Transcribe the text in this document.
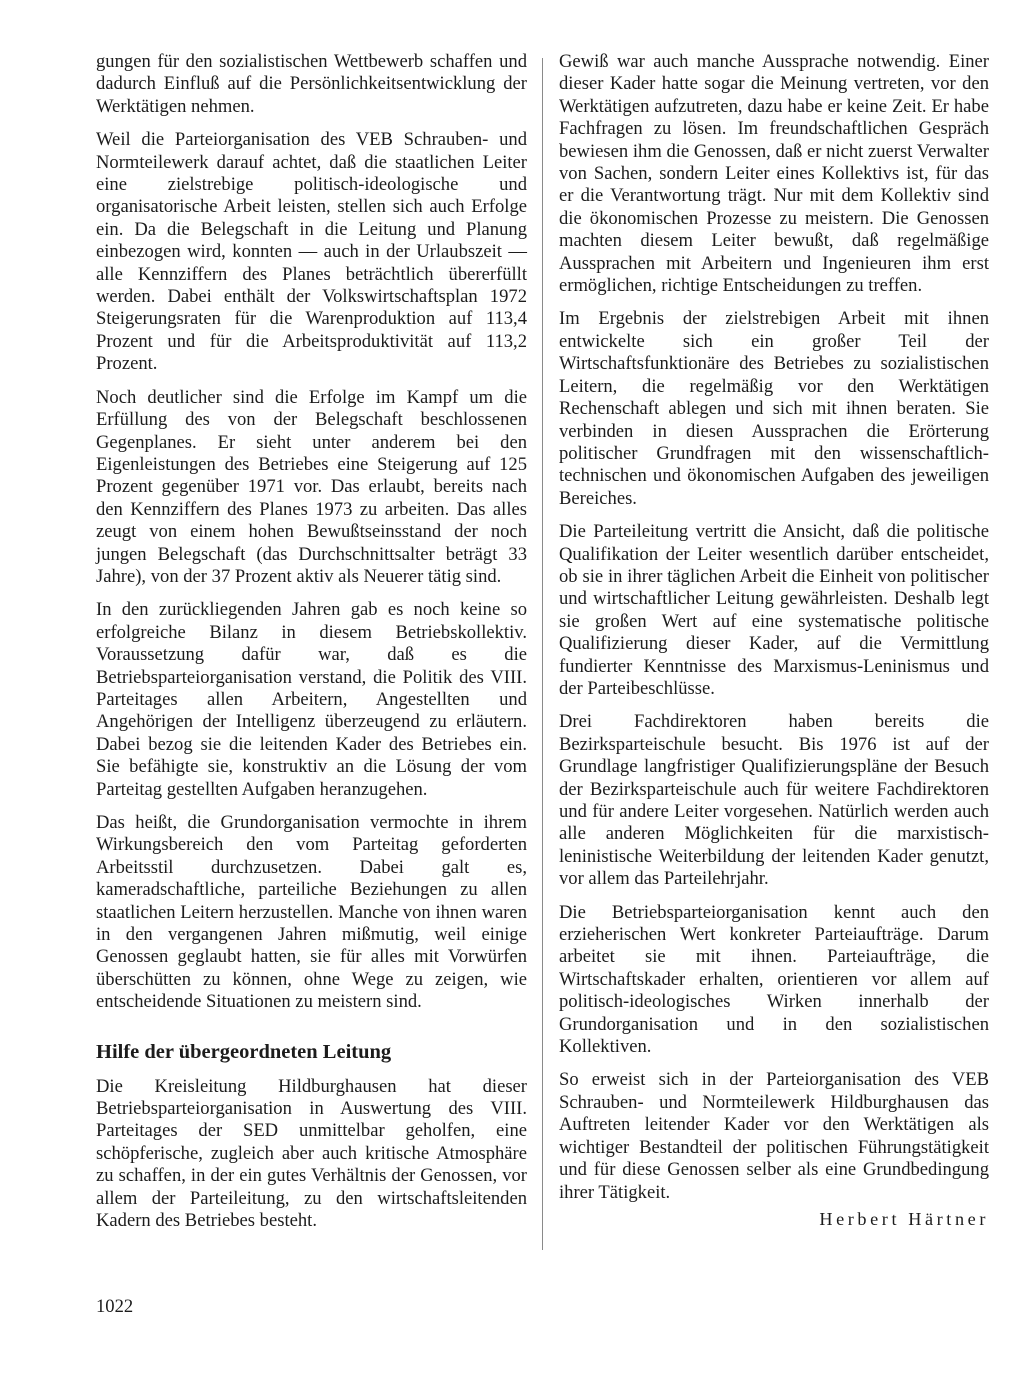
gungen für den sozialistischen Wettbewerb schaffen und dadurch Einfluß auf die Persönlichkeitsentwicklung der Werktätigen nehmen.

Weil die Parteiorganisation des VEB Schrauben- und Normteilewerk darauf achtet, daß die staatlichen Leiter eine zielstrebige politisch-ideologische und organisatorische Arbeit leisten, stellen sich auch Erfolge ein. Da die Belegschaft in die Leitung und Planung einbezogen wird, konnten — auch in der Urlaubszeit — alle Kennziffern des Planes beträchtlich übererfüllt werden. Dabei enthält der Volkswirtschaftsplan 1972 Steigerungsraten für die Warenproduktion auf 113,4 Prozent und für die Arbeitsproduktivität auf 113,2 Prozent.

Noch deutlicher sind die Erfolge im Kampf um die Erfüllung des von der Belegschaft beschlossenen Gegenplanes. Er sieht unter anderem bei den Eigenleistungen des Betriebes eine Steigerung auf 125 Prozent gegenüber 1971 vor. Das erlaubt, bereits nach den Kennziffern des Planes 1973 zu arbeiten. Das alles zeugt von einem hohen Bewußtseinsstand der noch jungen Belegschaft (das Durchschnittsalter beträgt 33 Jahre), von der 37 Prozent aktiv als Neuerer tätig sind.

In den zurückliegenden Jahren gab es noch keine so erfolgreiche Bilanz in diesem Betriebskollektiv. Voraussetzung dafür war, daß es die Betriebsparteiorganisation verstand, die Politik des VIII. Parteitages allen Arbeitern, Angestellten und Angehörigen der Intelligenz überzeugend zu erläutern. Dabei bezog sie die leitenden Kader des Betriebes ein. Sie befähigte sie, konstruktiv an die Lösung der vom Parteitag gestellten Aufgaben heranzugehen.

Das heißt, die Grundorganisation vermochte in ihrem Wirkungsbereich den vom Parteitag geforderten Arbeitsstil durchzusetzen. Dabei galt es, kameradschaftliche, parteiliche Beziehungen zu allen staatlichen Leitern herzustellen. Manche von ihnen waren in den vergangenen Jahren mißmutig, weil einige Genossen geglaubt hatten, sie für alles mit Vorwürfen überschütten zu können, ohne Wege zu zeigen, wie entscheidende Situationen zu meistern sind.

Hilfe der übergeordneten Leitung

Die Kreisleitung Hildburghausen hat dieser Betriebsparteiorganisation in Auswertung des VIII. Parteitages der SED unmittelbar geholfen, eine schöpferische, zugleich aber auch kritische Atmosphäre zu schaffen, in der ein gutes Verhältnis der Genossen, vor allem der Parteileitung, zu den wirtschaftsleitenden Kadern des Betriebes besteht.

Gewiß war auch manche Aussprache notwendig. Einer dieser Kader hatte sogar die Meinung vertreten, vor den Werktätigen aufzutreten, dazu habe er keine Zeit. Er habe Fachfragen zu lösen. Im freundschaftlichen Gespräch bewiesen ihm die Genossen, daß er nicht zuerst Verwalter von Sachen, sondern Leiter eines Kollektivs ist, für das er die Verantwortung trägt. Nur mit dem Kollektiv sind die ökonomischen Prozesse zu meistern. Die Genossen machten diesem Leiter bewußt, daß regelmäßige Aussprachen mit Arbeitern und Ingenieuren ihm erst ermöglichen, richtige Entscheidungen zu treffen.

Im Ergebnis der zielstrebigen Arbeit mit ihnen entwickelte sich ein großer Teil der Wirtschaftsfunktionäre des Betriebes zu sozialistischen Leitern, die regelmäßig vor den Werktätigen Rechenschaft ablegen und sich mit ihnen beraten. Sie verbinden in diesen Aussprachen die Erörterung politischer Grundfragen mit den wissenschaftlich-technischen und ökonomischen Aufgaben des jeweiligen Bereiches.

Die Parteileitung vertritt die Ansicht, daß die politische Qualifikation der Leiter wesentlich darüber entscheidet, ob sie in ihrer täglichen Arbeit die Einheit von politischer und wirtschaftlicher Leitung gewährleisten. Deshalb legt sie großen Wert auf eine systematische politische Qualifizierung dieser Kader, auf die Vermittlung fundierter Kenntnisse des Marxismus-Leninismus und der Parteibeschlüsse.

Drei Fachdirektoren haben bereits die Bezirksparteischule besucht. Bis 1976 ist auf der Grundlage langfristiger Qualifizierungspläne der Besuch der Bezirksparteischule auch für weitere Fachdirektoren und für andere Leiter vorgesehen. Natürlich werden auch alle anderen Möglichkeiten für die marxistisch-leninistische Weiterbildung der leitenden Kader genutzt, vor allem das Parteilehrjahr.

Die Betriebsparteiorganisation kennt auch den erzieherischen Wert konkreter Parteiaufträge. Darum arbeitet sie mit ihnen. Parteiaufträge, die Wirtschaftskader erhalten, orientieren vor allem auf politisch-ideologisches Wirken innerhalb der Grundorganisation und in den sozialistischen Kollektiven.

So erweist sich in der Parteiorganisation des VEB Schrauben- und Normteilewerk Hildburghausen das Auftreten leitender Kader vor den Werktätigen als wichtiger Bestandteil der politischen Führungstätigkeit und für diese Genossen selber als eine Grundbedingung ihrer Tätigkeit.

Herbert Härtner
1022
